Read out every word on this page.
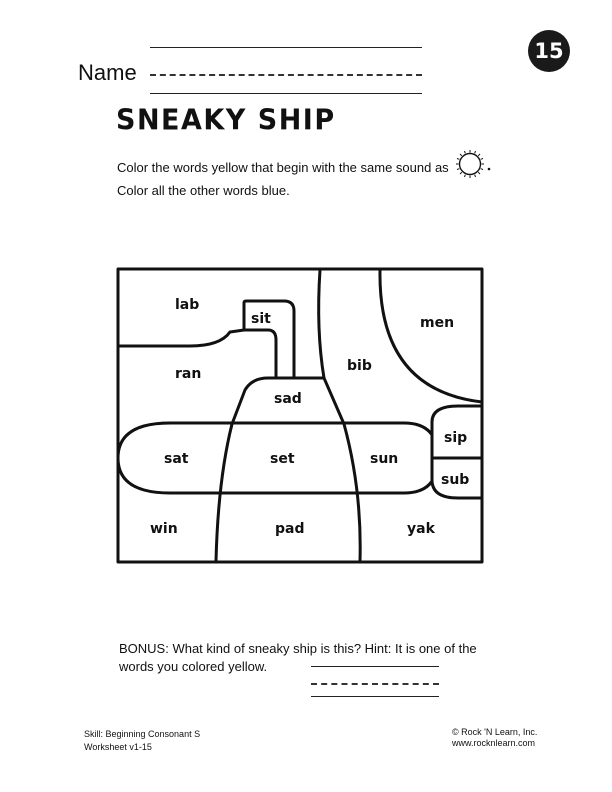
15
Name
SNEAKY SHIP
Color the words yellow that begin with the same sound as
Color all the other words blue.
lab
sit	men
bib
ran
sad
sip
sat	set	sun
sub
win	pad	yak
BONUS: What kind of sneaky ship is this? Hint: It is one of the
words you colored yellow.
Skill: Beginning Consonant S
Worksheet v1-15
© Rock 'N Learn, Inc.
www.rocknlearn.com
